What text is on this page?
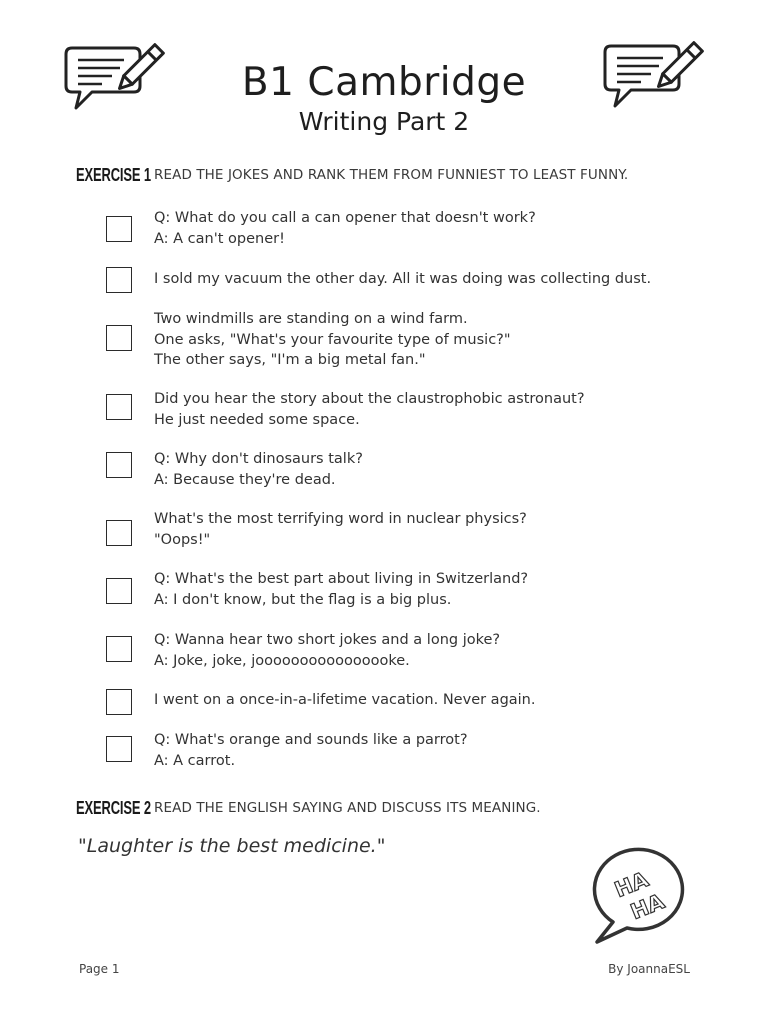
B1 Cambridge
Writing Part 2
EXERCISE 1 READ THE JOKES AND RANK THEM FROM FUNNIEST TO LEAST FUNNY.
Q: What do you call a can opener that doesn't work?
A: A can't opener!
I sold my vacuum the other day. All it was doing was collecting dust.
Two windmills are standing on a wind farm.
One asks, "What's your favourite type of music?"
The other says, "I'm a big metal fan."
Did you hear the story about the claustrophobic astronaut?
He just needed some space.
Q: Why don't dinosaurs talk?
A: Because they're dead.
What's the most terrifying word in nuclear physics?
"Oops!"
Q: What's the best part about living in Switzerland?
A: I don't know, but the flag is a big plus.
Q: Wanna hear two short jokes and a long joke?
A: Joke, joke, joooooooooooooooke.
I went on a once-in-a-lifetime vacation. Never again.
Q: What's orange and sounds like a parrot?
A: A carrot.
EXERCISE 2 READ THE ENGLISH SAYING AND DISCUSS ITS MEANING.
"Laughter is the best medicine."
HA
HA
Page 1	By JoannaESL
